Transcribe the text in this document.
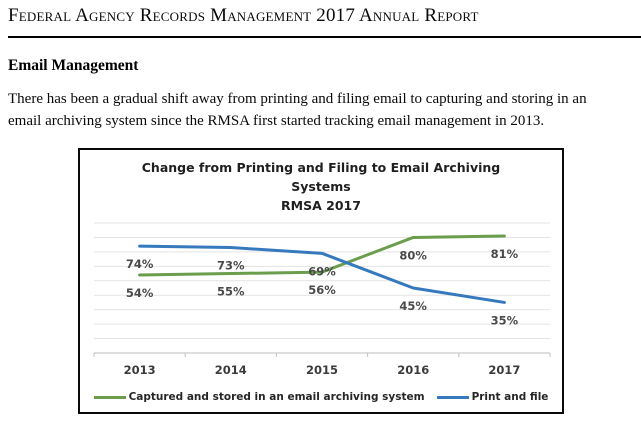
Federal Agency Records Management 2017 Annual Report
Email Management
There has been a gradual shift away from printing and filing email to capturing and storing in an
email archiving system since the RMSA first started tracking email management in 2013.
Change from Printing and Filing to Email Archiving
Systems
RMSA 2017
54%	55%	56%
80%	81%
74%	73%	69%
45%
35%
2013	2014	2015	2016	2017
Captured and stored in an email archiving system	Print and file
